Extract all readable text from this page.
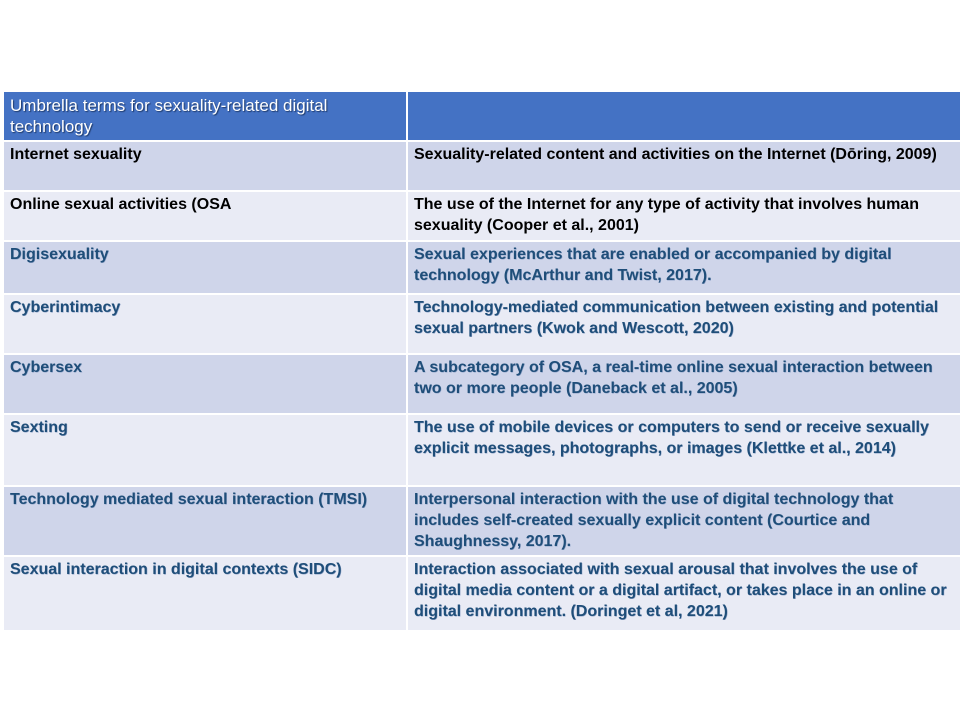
Umbrella terms for sexuality-related digital technology	
Internet sexuality	Sexuality-related content and activities on the Internet (Dōring, 2009)
Online sexual activities (OSA	The use of the Internet for any type of activity that involves human sexuality (Cooper et al., 2001)
Digisexuality	Sexual experiences that are enabled or accompanied by digital technology (McArthur and Twist, 2017).
Cyberintimacy	Technology-mediated communication between existing and potential sexual partners (Kwok and Wescott, 2020)
Cybersex	A subcategory of OSA, a real-time online sexual interaction between two or more people (Daneback et al., 2005)
Sexting	The use of mobile devices or computers to send or receive sexually explicit messages, photographs, or images (Klettke et al., 2014)
Technology mediated sexual interaction (TMSI)	Interpersonal interaction with the use of digital technology that includes self-created sexually explicit content (Courtice and Shaughnessy, 2017).
Sexual interaction in digital contexts (SIDC)	Interaction associated with sexual arousal that involves the use of digital media content or a digital artifact, or takes place in an online or digital environment. (Doringet et al, 2021)
